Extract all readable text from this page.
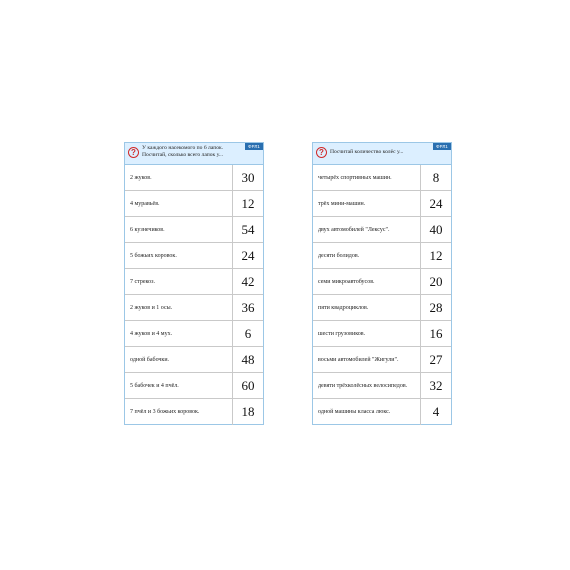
?	У каждого насекомого по 6 лапок. Посчитай, сколько всего лапок у...
ФРЛ1
2 жуков.	30
4 муравьёв.	12
6 кузнечиков.	54
5 божьих коровок.	24
7 стрекоз.	42
2 жуков и 1 осы.	36
4 жуков и 4 мух.	6
одной бабочки.	48
5 бабочек и 4 пчёл.	60
7 пчёл и 3 божьих коровок.	18
?	Посчитай количество колёс у...
ФРЛ1
четырёх спортивных машин.	8
трёх мини-машин.	24
двух автомобилей "Лексус".	40
десяти болидов.	12
семи микроавтобусов.	20
пяти квадроциклов.	28
шести грузовиков.	16
восьми автомобилей "Жигули".	27
девяти трёхколёсных велосипедов.	32
одной машины класса люкс.	4
